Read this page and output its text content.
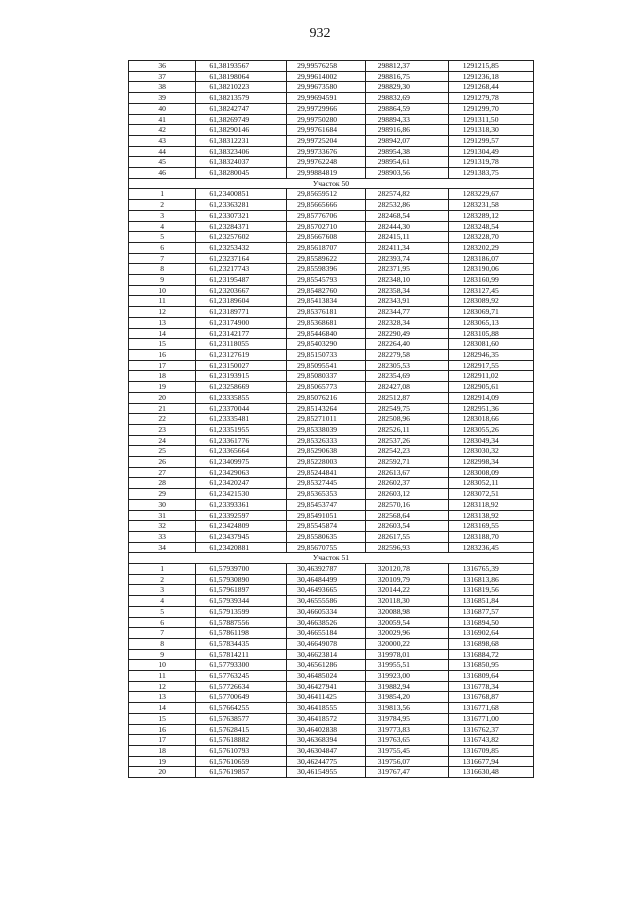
932
36	61,38193567	29,99576258	298812,37	1291215,85
37	61,38198064	29,99614002	298816,75	1291236,18
38	61,38210223	29,99673580	298829,30	1291268,44
39	61,38213579	29,99694591	298832,69	1291279,78
40	61,38242747	29,99729966	298864,59	1291299,70
41	61,38269749	29,99750280	298894,33	1291311,50
42	61,38290146	29,99761684	298916,86	1291318,30
43	61,38312231	29,99725204	298942,07	1291299,57
44	61,38323406	29,99733676	298954,38	1291304,49
45	61,38324037	29,99762248	298954,61	1291319,78
46	61,38280045	29,99884819	298903,56	1291383,75
Участок 50				
1	61,23400851	29,85659512	282574,82	1283229,67
2	61,23363281	29,85665666	282532,86	1283231,58
3	61,23307321	29,85776706	282468,54	1283289,12
4	61,23284371	29,85702710	282444,30	1283248,54
5	61,23257602	29,85667608	282415,11	1283228,70
6	61,23253432	29,85618707	282411,34	1283202,29
7	61,23237164	29,85589622	282393,74	1283186,07
8	61,23217743	29,85598396	282371,95	1283190,06
9	61,23195487	29,85545793	282348,10	1283160,99
10	61,23203667	29,85482760	282358,34	1283127,45
11	61,23189604	29,85413834	282343,91	1283089,92
12	61,23189771	29,85376181	282344,77	1283069,71
13	61,23174900	29,85368681	282328,34	1283065,13
14	61,23142177	29,85446840	282290,49	1283105,88
15	61,23118055	29,85403290	282264,40	1283081,60
16	61,23127619	29,85150733	282279,58	1282946,35
17	61,23150027	29,85095541	282305,53	1282917,55
18	61,23193915	29,85080337	282354,69	1282911,02
19	61,23258669	29,85065773	282427,08	1282905,61
20	61,23335855	29,85076216	282512,87	1282914,09
21	61,23370044	29,85143264	282549,75	1282951,36
22	61,23335481	29,85271011	282508,96	1283018,66
23	61,23351955	29,85338039	282526,11	1283055,26
24	61,23361776	29,85326333	282537,26	1283049,34
25	61,23365664	29,85290638	282542,23	1283030,32
26	61,23409975	29,85228003	282592,71	1282998,34
27	61,23429063	29,85244841	282613,67	1283008,09
28	61,23420247	29,85327445	282602,37	1283052,11
29	61,23421530	29,85365353	282603,12	1283072,51
30	61,23393361	29,85453747	282570,16	1283118,92
31	61,23392597	29,85491051	282568,64	1283138,92
32	61,23424809	29,85545874	282603,54	1283169,55
33	61,23437945	29,85580635	282617,55	1283188,70
34	61,23420881	29,85670755	282596,93	1283236,45
Участок 51				
1	61,57939700	30,46392787	320120,78	1316765,39
2	61,57930890	30,46484499	320109,79	1316813,86
3	61,57961897	30,46493665	320144,22	1316819,56
4	61,57939344	30,46555586	320118,30	1316851,84
5	61,57913599	30,46605334	320088,98	1316877,57
6	61,57887556	30,46638526	320059,54	1316894,50
7	61,57861198	30,46655184	320029,96	1316902,64
8	61,57834435	30,46649078	320000,22	1316898,68
9	61,57814211	30,46623814	319978,01	1316884,72
10	61,57793300	30,46561286	319955,51	1316850,95
11	61,57763245	30,46485024	319923,00	1316809,64
12	61,57726634	30,46427941	319882,94	1316778,34
13	61,57700649	30,46411425	319854,20	1316768,87
14	61,57664255	30,46418555	319813,56	1316771,68
15	61,57638577	30,46418572	319784,95	1316771,00
16	61,57628415	30,46402838	319773,83	1316762,37
17	61,57618882	30,46368394	319763,65	1316743,82
18	61,57610793	30,46304847	319755,45	1316709,85
19	61,57610659	30,46244775	319756,07	1316677,94
20	61,57619857	30,46154955	319767,47	1316630,48
